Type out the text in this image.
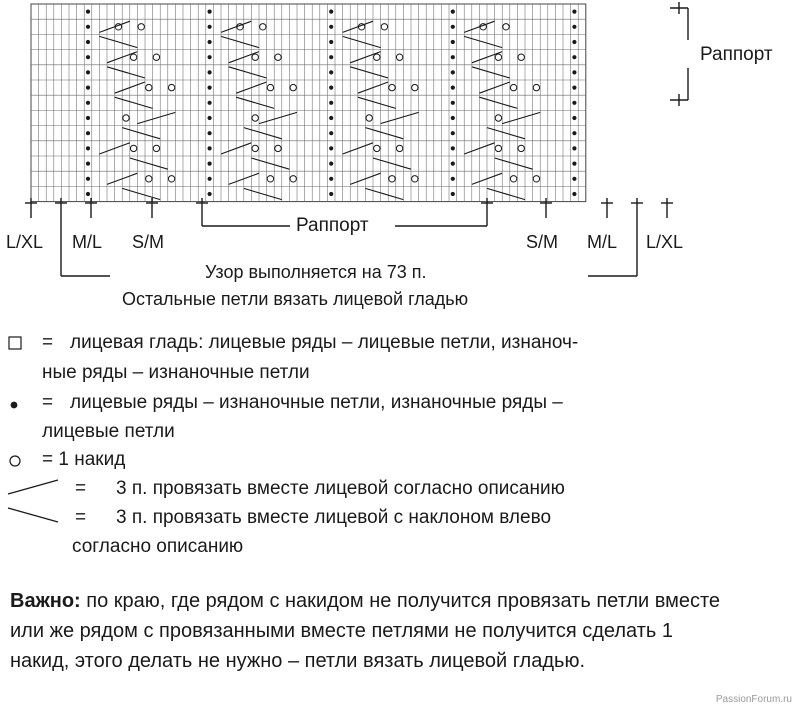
Раппорт
Раппорт
L/XL M/L S/M	S/M M/L L/XL
Узор выполняется на 73 п.
Остальные петли вязать лицевой гладью
= лицевая гладь: лицевые ряды – лицевые петли, изнаноч-
ные ряды – изнаночные петли
= лицевые ряды – изнаночные петли, изнаночные ряды –
лицевые петли
= 1 накид
= 3 п. провязать вместе лицевой согласно описанию
= 3 п. провязать вместе лицевой с наклоном влево
согласно описанию
Важно: по краю, где рядом с накидом не получится провязать петли вместе или же рядом с провязанными вместе петлями не получится сделать 1 накид, этого делать не нужно – петли вязать лицевой гладью.
PassionForum.ru
